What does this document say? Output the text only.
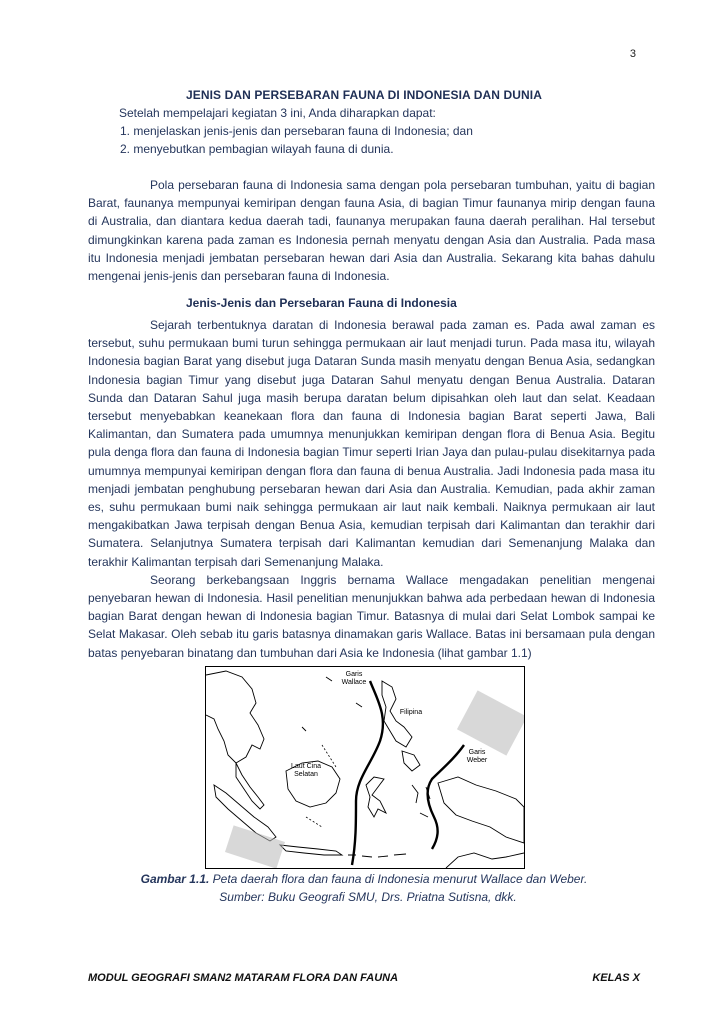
3
JENIS DAN PERSEBARAN FAUNA DI INDONESIA DAN DUNIA
Setelah mempelajari kegiatan 3 ini, Anda diharapkan dapat:
1. menjelaskan jenis-jenis dan persebaran fauna di Indonesia; dan
2. menyebutkan pembagian wilayah fauna di dunia.

Pola persebaran fauna di Indonesia sama dengan pola persebaran tumbuhan, yaitu di bagian Barat, faunanya mempunyai kemiripan dengan fauna Asia, di bagian Timur faunanya mirip dengan fauna di Australia, dan diantara kedua daerah tadi, faunanya merupakan fauna daerah peralihan. Hal tersebut dimungkinkan karena pada zaman es Indonesia pernah menyatu dengan Asia dan Australia. Pada masa itu Indonesia menjadi jembatan persebaran hewan dari Asia dan Australia. Sekarang kita bahas dahulu mengenai jenis-jenis dan persebaran fauna di Indonesia.

Jenis-Jenis dan Persebaran Fauna di Indonesia

Sejarah terbentuknya daratan di Indonesia berawal pada zaman es. Pada awal zaman es tersebut, suhu permukaan bumi turun sehingga permukaan air laut menjadi turun. Pada masa itu, wilayah Indonesia bagian Barat yang disebut juga Dataran Sunda masih menyatu dengan Benua Asia, sedangkan Indonesia bagian Timur yang disebut juga Dataran Sahul menyatu dengan Benua Australia. Dataran Sunda dan Dataran Sahul juga masih berupa daratan belum dipisahkan oleh laut dan selat. Keadaan tersebut menyebabkan keanekaan flora dan fauna di Indonesia bagian Barat seperti Jawa, Bali Kalimantan, dan Sumatera pada umumnya menunjukkan kemiripan dengan flora di Benua Asia. Begitu pula denga flora dan fauna di Indonesia bagian Timur seperti Irian Jaya dan pulau-pulau disekitarnya pada umumnya mempunyai kemiripan dengan flora dan fauna di benua Australia. Jadi Indonesia pada masa itu menjadi jembatan penghubung persebaran hewan dari Asia dan Australia. Kemudian, pada akhir zaman es, suhu permukaan bumi naik sehingga permukaan air laut naik kembali. Naiknya permukaan air laut mengakibatkan Jawa terpisah dengan Benua Asia, kemudian terpisah dari Kalimantan dan terakhir dari Sumatera. Selanjutnya Sumatera terpisah dari Kalimantan kemudian dari Semenanjung Malaka dan terakhir Kalimantan terpisah dari Semenanjung Malaka.

Seorang berkebangsaan Inggris bernama Wallace mengadakan penelitian mengenai penyebaran hewan di Indonesia. Hasil penelitian menunjukkan bahwa ada perbedaan hewan di Indonesia bagian Barat dengan hewan di Indonesia bagian Timur. Batasnya di mulai dari Selat Lombok sampai ke Selat Makasar. Oleh sebab itu garis batasnya dinamakan garis Wallace. Batas ini bersamaan pula dengan batas penyebaran binatang dan tumbuhan dari Asia ke Indonesia (lihat gambar 1.1)

Garis Wallace
Filipina
Garis Weber
Laut Cina Selatan
Gambar 1.1. Peta daerah flora dan fauna di Indonesia menurut Wallace dan Weber.
Sumber: Buku Geografi SMU, Drs. Priatna Sutisna, dkk.
MODUL GEOGRAFI SMAN2 MATARAM FLORA DAN FAUNA	KELAS X
